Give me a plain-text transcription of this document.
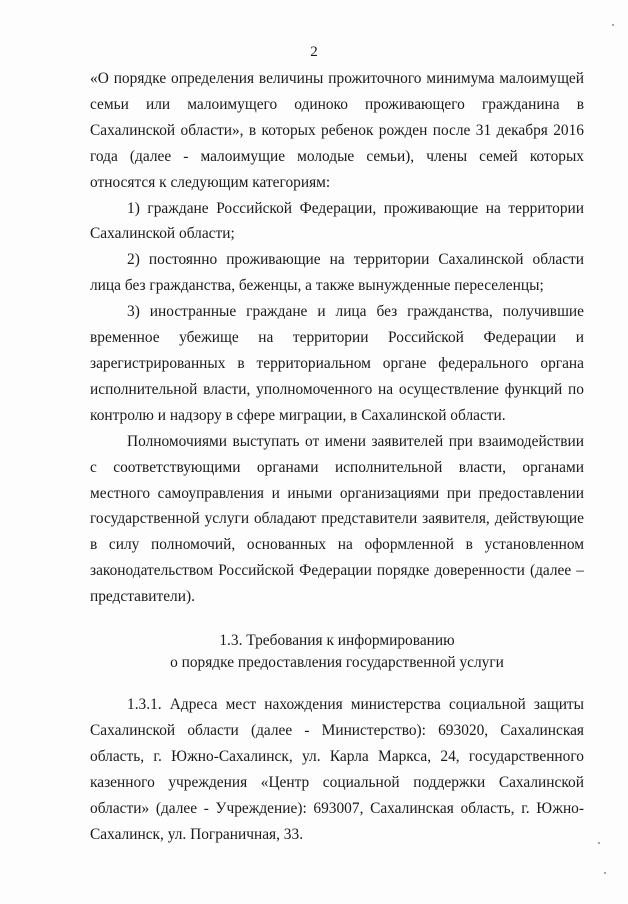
2

«О порядке определения величины прожиточного минимума малоимущей семьи или малоимущего одиноко проживающего гражданина в Сахалинской области», в которых ребенок рожден после 31 декабря 2016 года (далее - малоимущие молодые семьи), члены семей которых относятся к следующим категориям:

1) граждане Российской Федерации, проживающие на территории Сахалинской области;

2) постоянно проживающие на территории Сахалинской области лица без гражданства, беженцы, а также вынужденные переселенцы;

3) иностранные граждане и лица без гражданства, получившие временное убежище на территории Российской Федерации и зарегистрированных в территориальном органе федерального органа исполнительной власти, уполномоченного на осуществление функций по контролю и надзору в сфере миграции, в Сахалинской области.

Полномочиями выступать от имени заявителей при взаимодействии с соответствующими органами исполнительной власти, органами местного самоуправления и иными организациями при предоставлении государственной услуги обладают представители заявителя, действующие в силу полномочий, основанных на оформленной в установленном законодательством Российской Федерации порядке доверенности (далее – представители).

1.3. Требования к информированию
о порядке предоставления государственной услуги

1.3.1. Адреса мест нахождения министерства социальной защиты Сахалинской области (далее - Министерство): 693020, Сахалинская область, г. Южно-Сахалинск, ул. Карла Маркса, 24, государственного казенного учреждения «Центр социальной поддержки Сахалинской области» (далее - Учреждение): 693007, Сахалинская область, г. Южно-Сахалинск, ул. Пограничная, 33.
